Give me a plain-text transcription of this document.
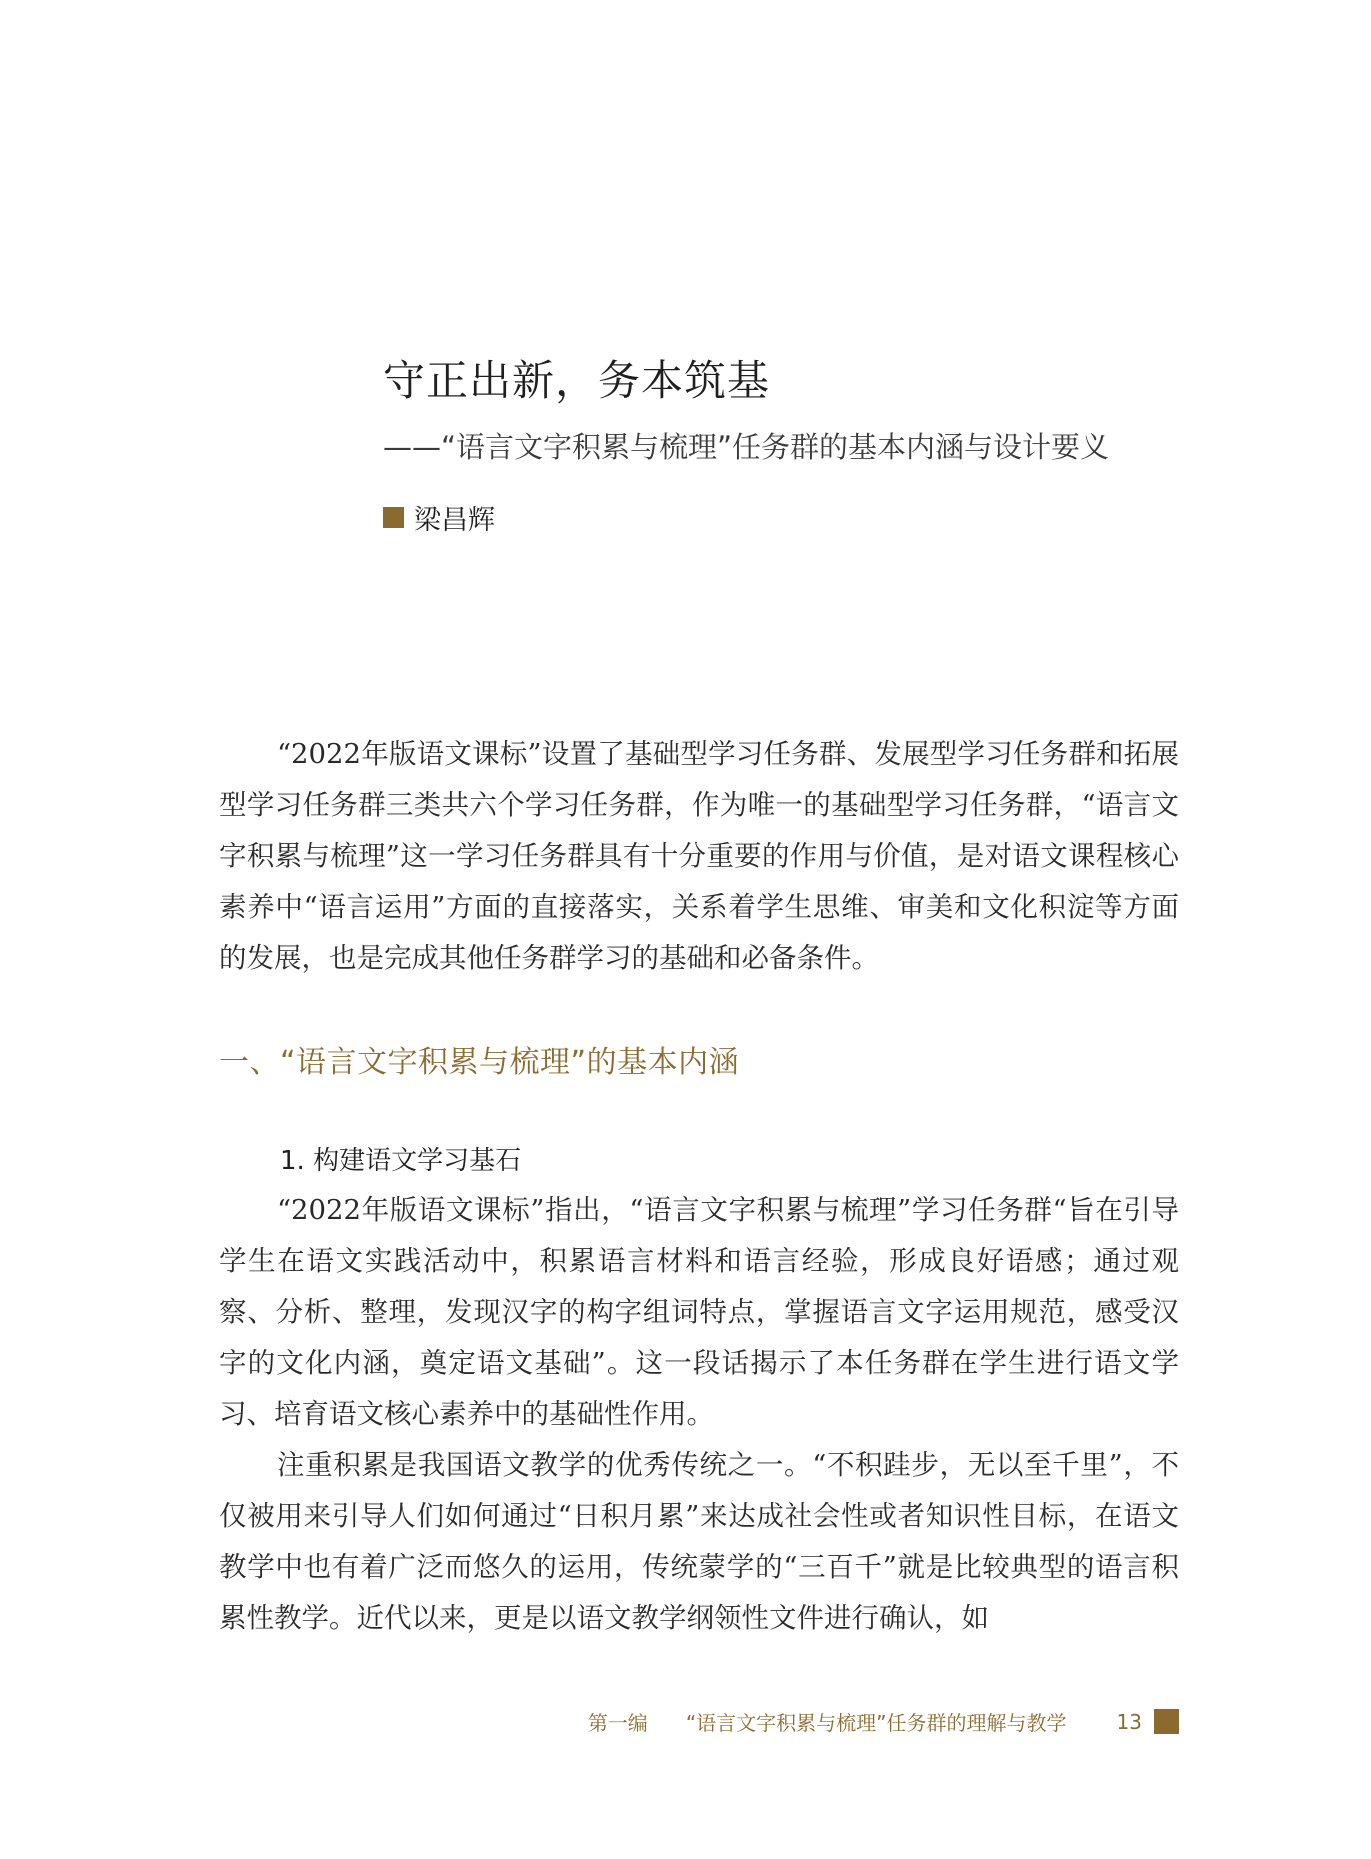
守正出新，务本筑基
——“语言文字积累与梳理”任务群的基本内涵与设计要义
梁昌辉

“2022年版语文课标”设置了基础型学习任务群、发展型学习任务群和拓展型学习任务群三类共六个学习任务群，作为唯一的基础型学习任务群，“语言文字积累与梳理”这一学习任务群具有十分重要的作用与价值，是对语文课程核心素养中“语言运用”方面的直接落实，关系着学生思维、审美和文化积淀等方面的发展，也是完成其他任务群学习的基础和必备条件。

一、“语言文字积累与梳理”的基本内涵
1. 构建语文学习基石

“2022年版语文课标”指出，“语言文字积累与梳理”学习任务群“旨在引导学生在语文实践活动中，积累语言材料和语言经验，形成良好语感；通过观察、分析、整理，发现汉字的构字组词特点，掌握语言文字运用规范，感受汉字的文化内涵，奠定语文基础”。这一段话揭示了本任务群在学生进行语文学习、培育语文核心素养中的基础性作用。

注重积累是我国语文教学的优秀传统之一。“不积跬步，无以至千里”，不仅被用来引导人们如何通过“日积月累”来达成社会性或者知识性目标，在语文教学中也有着广泛而悠久的运用，传统蒙学的“三百千”就是比较典型的语言积累性教学。近代以来，更是以语文教学纲领性文件进行确认，如

第一编 “语言文字积累与梳理”任务群的理解与教学	13
